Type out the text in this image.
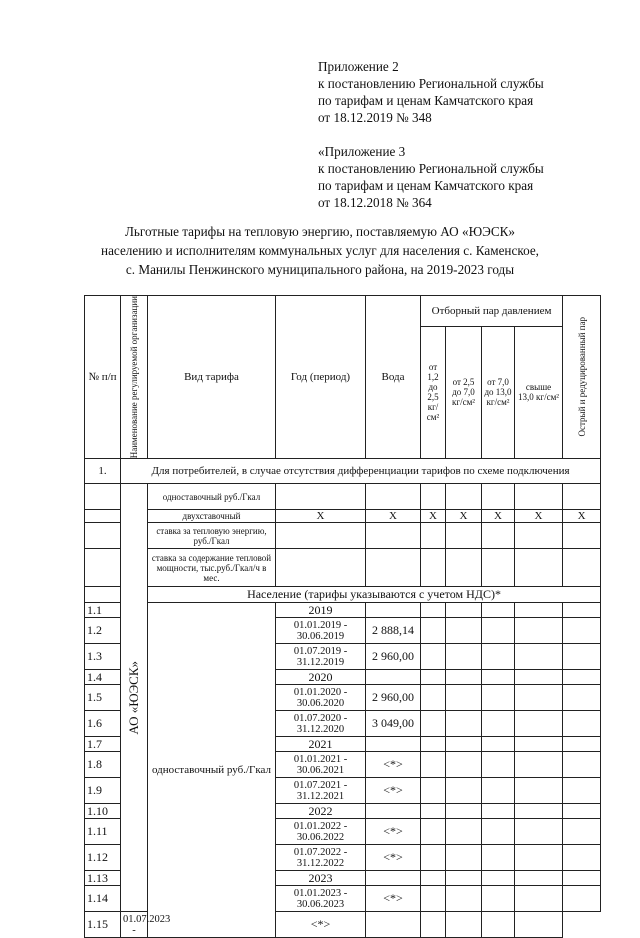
Приложение 2
к постановлению Региональной службы
по тарифам и ценам Камчатского края
от 18.12.2019 № 348
«Приложение 3
к постановлению Региональной службы
по тарифам и ценам Камчатского края
от 18.12.2018 № 364
Льготные тарифы на тепловую энергию, поставляемую АО «ЮЭСК»
населению и исполнителям коммунальных услуг для населения с. Каменское,
с. Манилы Пенжинского муниципального района, на 2019-2023 годы
№ п/п	Наименование регулируемой организации	Вид тарифа	Год (период)	Вода	Отборный пар давлением				Острый и редуцированный пар

					от 1,2 до 2,5 кг/см²	от 2,5 до 7,0 кг/см²	от 7,0 до 13,0 кг/см²	свыше 13,0 кг/см²	
1.	Для потребителей, в случае отсутствия дифференциации тарифов по схеме подключения								

	АО «ЮЭСК»	одноставочный руб./Гкал							
		двухставочный	X	X	X	X	X	X	X
		ставка за тепловую энергию, руб./Гкал							
		ставка за содержание тепловой мощности, тыс.руб./Гкал/ч в мес.							
		Население (тарифы указываются с учетом НДС)*							
1.1		одноставочный руб./Гкал	2019						
1.2			01.01.2019 - 30.06.2019	2 888,14					
1.3			01.07.2019 - 31.12.2019	2 960,00					
1.4			2020						
1.5			01.01.2020 - 30.06.2020	2 960,00					
1.6			01.07.2020 - 31.12.2020	3 049,00					
1.7			2021						
1.8			01.01.2021 - 30.06.2021	<*>					
1.9			01.07.2021 - 31.12.2021	<*>					
1.10			2022						
1.11			01.01.2022 - 30.06.2022	<*>					
1.12			01.07.2022 - 31.12.2022	<*>					
1.13			2023						
1.14			01.01.2023 - 30.06.2023	<*>					
1.15	01.07.2023 -		<*>						
